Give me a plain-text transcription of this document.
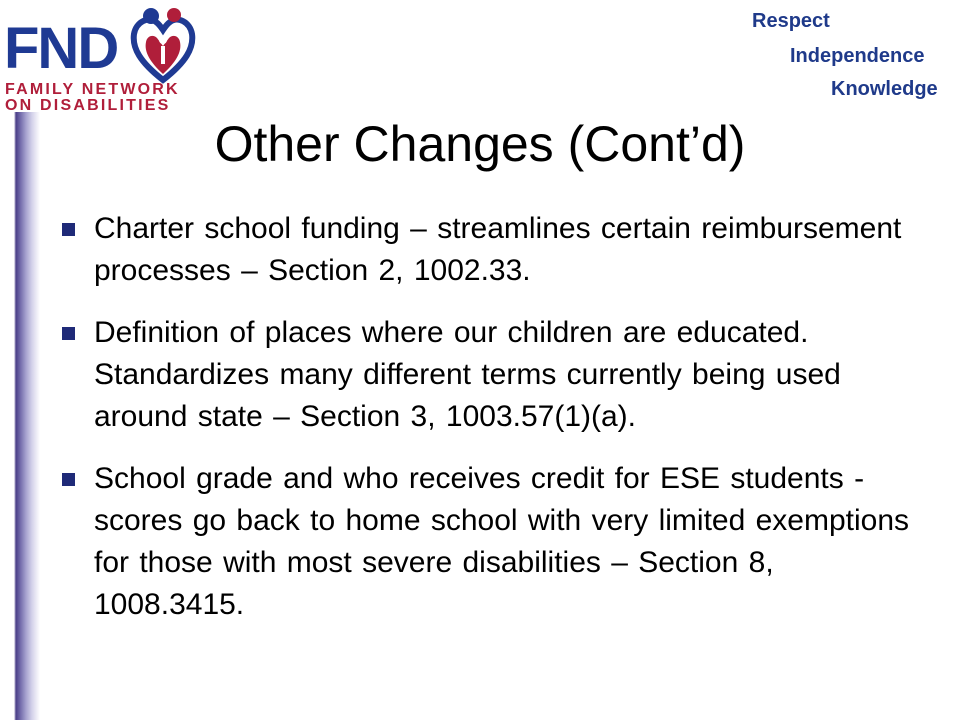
FND
FAMILY NETWORK
ON DISABILITIES
Respect
Independence
Knowledge
Other Changes (Cont’d)
Charter school funding – streamlines certain reimbursement processes – Section 2, 1002.33.
Definition of places where our children are educated. Standardizes many different terms currently being used around state – Section 3, 1003.57(1)(a).
School grade and who receives credit for ESE students - scores go back to home school with very limited exemptions for those with most severe disabilities – Section 8, 1008.3415.
